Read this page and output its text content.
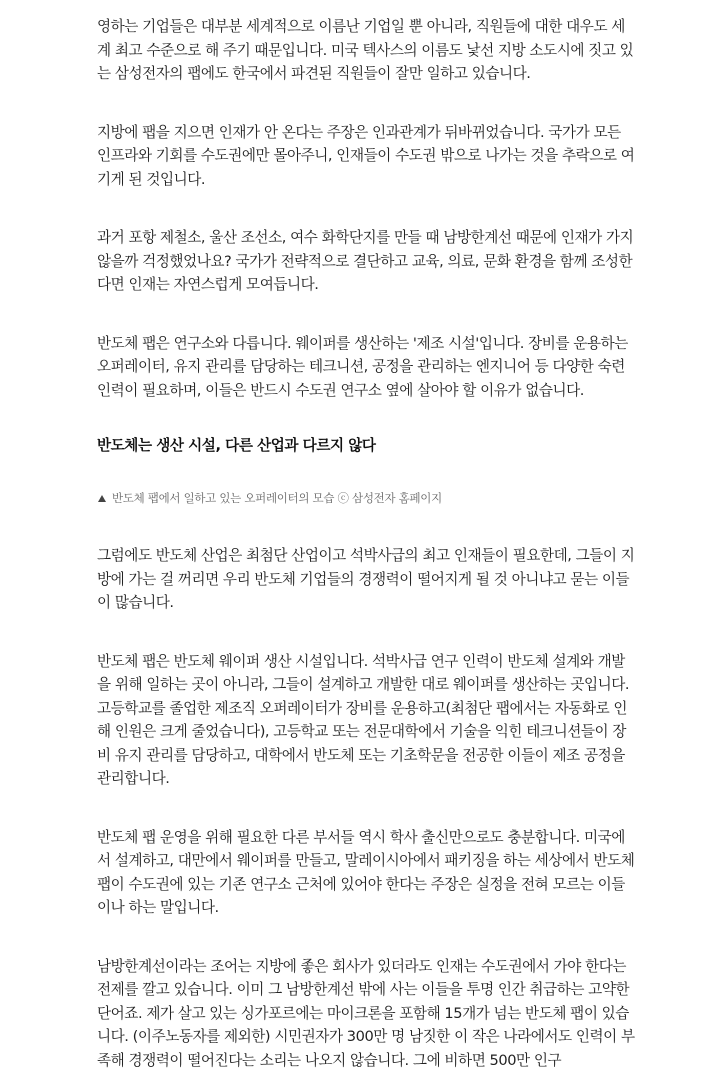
영하는 기업들은 대부분 세계적으로 이름난 기업일 뿐 아니라, 직원들에 대한 대우도 세계 최고 수준으로 해 주기 때문입니다. 미국 텍사스의 이름도 낯선 지방 소도시에 짓고 있는 삼성전자의 팹에도 한국에서 파견된 직원들이 잘만 일하고 있습니다.

지방에 팹을 지으면 인재가 안 온다는 주장은 인과관계가 뒤바뀌었습니다. 국가가 모든 인프라와 기회를 수도권에만 몰아주니, 인재들이 수도권 밖으로 나가는 것을 추락으로 여기게 된 것입니다.

과거 포항 제철소, 울산 조선소, 여수 화학단지를 만들 때 남방한계선 때문에 인재가 가지 않을까 걱정했었나요? 국가가 전략적으로 결단하고 교육, 의료, 문화 환경을 함께 조성한다면 인재는 자연스럽게 모여듭니다.

반도체 팹은 연구소와 다릅니다. 웨이퍼를 생산하는 '제조 시설'입니다. 장비를 운용하는 오퍼레이터, 유지 관리를 담당하는 테크니션, 공정을 관리하는 엔지니어 등 다양한 숙련 인력이 필요하며, 이들은 반드시 수도권 연구소 옆에 살아야 할 이유가 없습니다.

반도체는 생산 시설, 다른 산업과 다르지 않다
반도체 팹에서 일하고 있는 오퍼레이터의 모습 ⓒ 삼성전자 홈페이지

그럼에도 반도체 산업은 최첨단 산업이고 석박사급의 최고 인재들이 필요한데, 그들이 지방에 가는 걸 꺼리면 우리 반도체 기업들의 경쟁력이 떨어지게 될 것 아니냐고 묻는 이들이 많습니다.

반도체 팹은 반도체 웨이퍼 생산 시설입니다. 석박사급 연구 인력이 반도체 설계와 개발을 위해 일하는 곳이 아니라, 그들이 설계하고 개발한 대로 웨이퍼를 생산하는 곳입니다. 고등학교를 졸업한 제조직 오퍼레이터가 장비를 운용하고(최첨단 팹에서는 자동화로 인해 인원은 크게 줄었습니다), 고등학교 또는 전문대학에서 기술을 익힌 테크니션들이 장비 유지 관리를 담당하고, 대학에서 반도체 또는 기초학문을 전공한 이들이 제조 공정을 관리합니다.

반도체 팹 운영을 위해 필요한 다른 부서들 역시 학사 출신만으로도 충분합니다. 미국에서 설계하고, 대만에서 웨이퍼를 만들고, 말레이시아에서 패키징을 하는 세상에서 반도체 팹이 수도권에 있는 기존 연구소 근처에 있어야 한다는 주장은 실정을 전혀 모르는 이들이나 하는 말입니다.

남방한계선이라는 조어는 지방에 좋은 회사가 있더라도 인재는 수도권에서 가야 한다는 전제를 깔고 있습니다. 이미 그 남방한계선 밖에 사는 이들을 투명 인간 취급하는 고약한 단어죠. 제가 살고 있는 싱가포르에는 마이크론을 포함해 15개가 넘는 반도체 팹이 있습니다. (이주노동자를 제외한) 시민권자가 300만 명 남짓한 이 작은 나라에서도 인력이 부족해 경쟁력이 떨어진다는 소리는 나오지 않습니다. 그에 비하면 500만 인구
